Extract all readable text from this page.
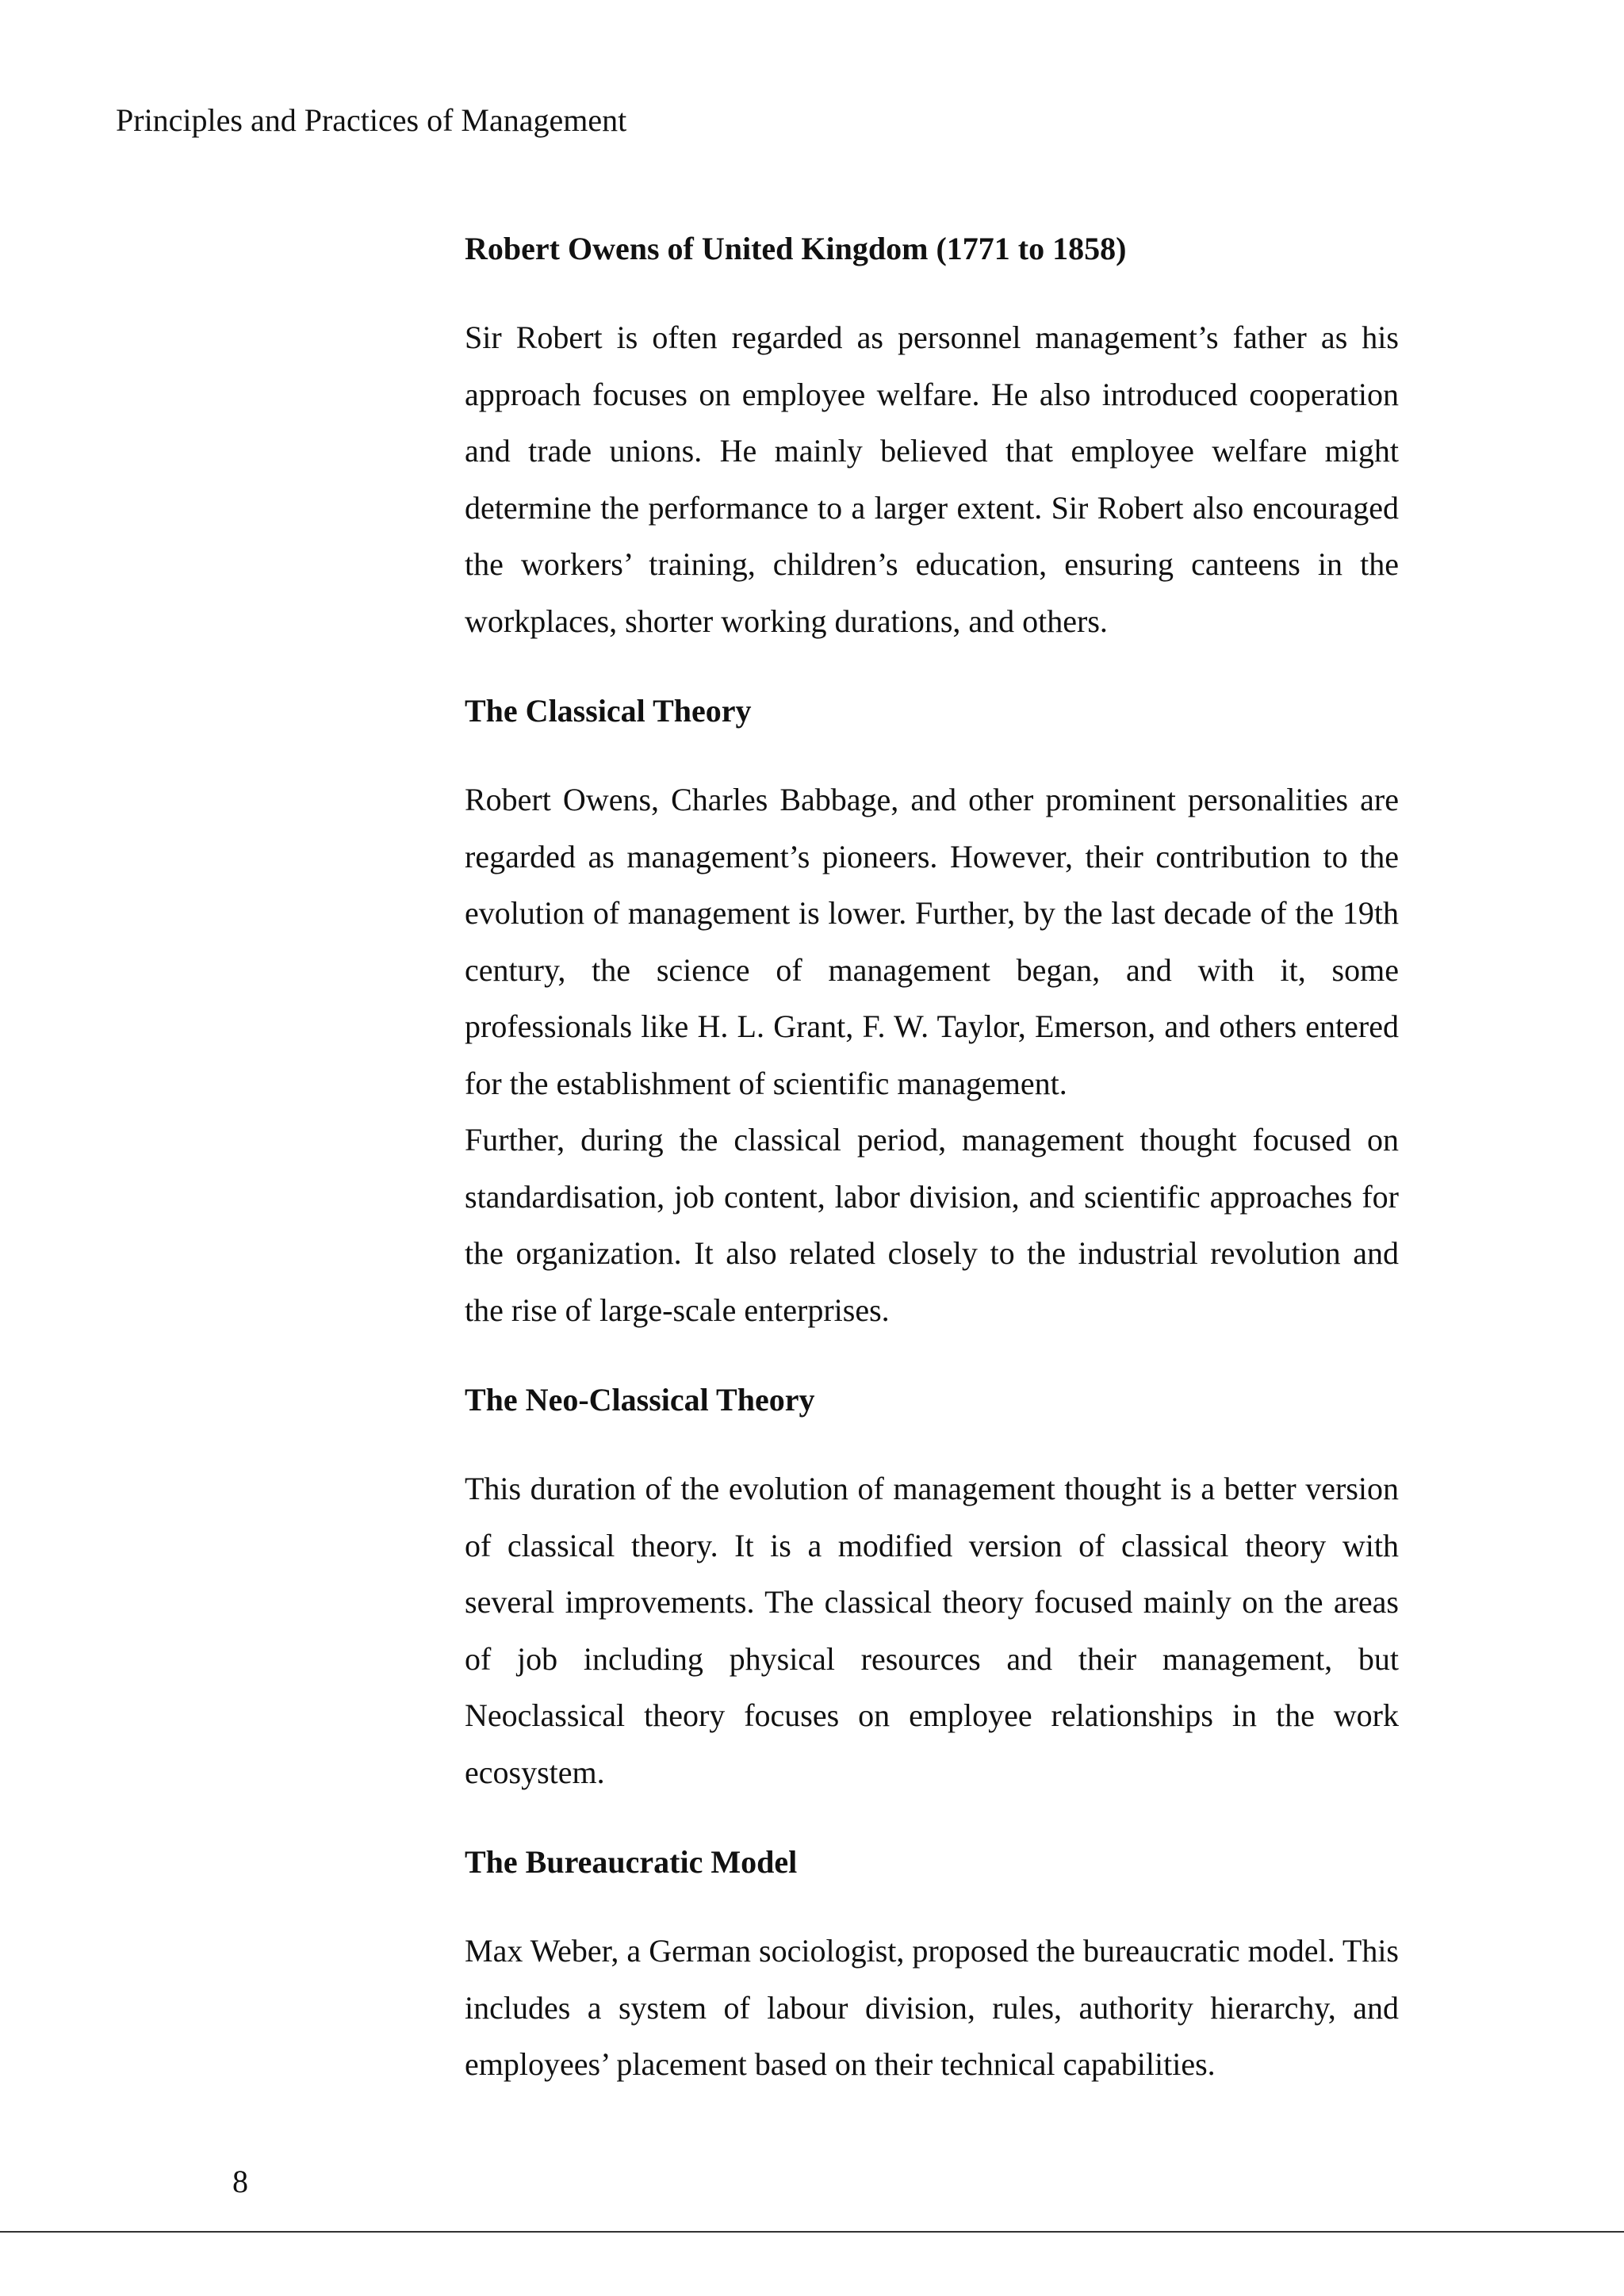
Principles and Practices of Management
Robert Owens of United Kingdom (1771 to 1858)

Sir Robert is often regarded as personnel management’s father as his approach focuses on employee welfare. He also introduced cooperation and trade unions. He mainly believed that employee welfare might determine the performance to a larger extent. Sir Robert also encouraged the workers’ training, children’s education, ensuring canteens in the workplaces, shorter working durations, and others.

The Classical Theory

Robert Owens, Charles Babbage, and other prominent personalities are regarded as management’s pioneers. However, their contribution to the evolution of management is lower. Further, by the last decade of the 19th century, the science of management began, and with it, some professionals like H. L. Grant, F. W. Taylor, Emerson, and others entered for the establishment of scientific management.

Further, during the classical period, management thought focused on standardisation, job content, labor division, and scientific approaches for the organization. It also related closely to the industrial revolution and the rise of large-scale enterprises.

The Neo-Classical Theory

This duration of the evolution of management thought is a better version of classical theory. It is a modified version of classical theory with several improvements. The classical theory focused mainly on the areas of job including physical resources and their management, but Neoclassical theory focuses on employee relationships in the work ecosystem.

The Bureaucratic Model

Max Weber, a German sociologist, proposed the bureaucratic model. This includes a system of labour division, rules, authority hierarchy, and employees’ placement based on their technical capabilities.

8
